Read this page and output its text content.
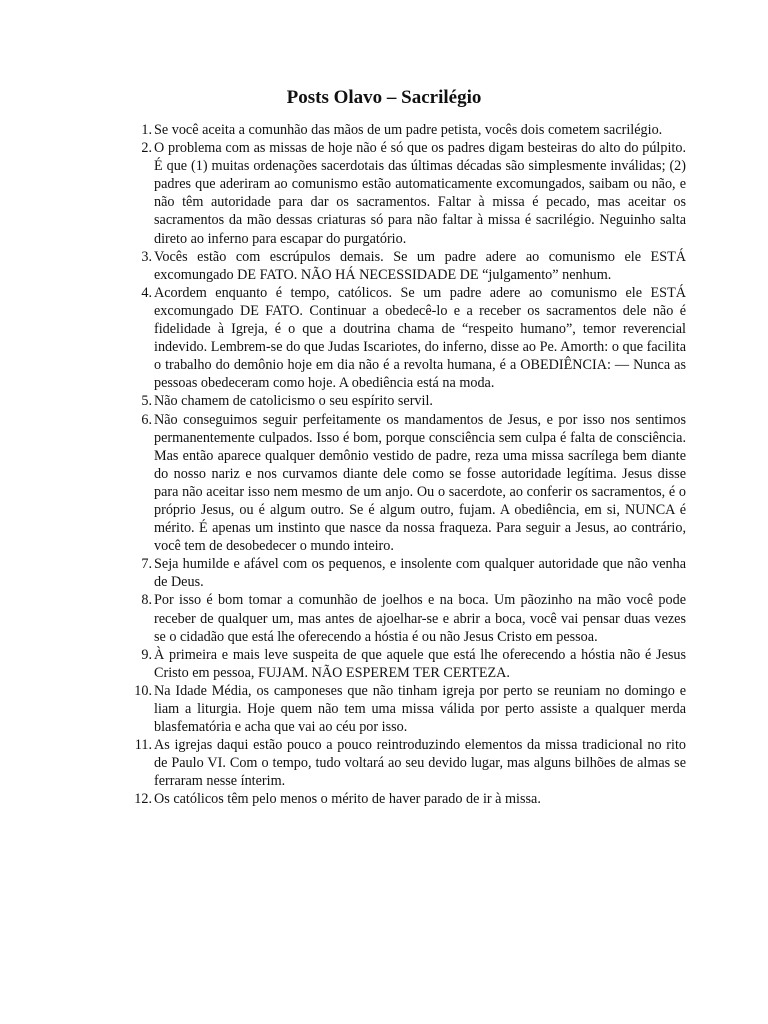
Posts Olavo – Sacrilégio
1. Se você aceita a comunhão das mãos de um padre petista, vocês dois cometem sacrilégio.
2. O problema com as missas de hoje não é só que os padres digam besteiras do alto do púlpito. É que (1) muitas ordenações sacerdotais das últimas décadas são simplesmente inválidas; (2) padres que aderiram ao comunismo estão automaticamente excomungados, saibam ou não, e não têm autoridade para dar os sacramentos. Faltar à missa é pecado, mas aceitar os sacramentos da mão dessas criaturas só para não faltar à missa é sacrilégio. Neguinho salta direto ao inferno para escapar do purgatório.
3. Vocês estão com escrúpulos demais. Se um padre adere ao comunismo ele ESTÁ excomungado DE FATO. NÃO HÁ NECESSIDADE DE “julgamento” nenhum.
4. Acordem enquanto é tempo, católicos. Se um padre adere ao comunismo ele ESTÁ excomungado DE FATO. Continuar a obedecê-lo e a receber os sacramentos dele não é fidelidade à Igreja, é o que a doutrina chama de “respeito humano”, temor reverencial indevido. Lembrem-se do que Judas Iscariotes, do inferno, disse ao Pe. Amorth: o que facilita o trabalho do demônio hoje em dia não é a revolta humana, é a OBEDIÊNCIA: — Nunca as pessoas obedeceram como hoje. A obediência está na moda.
5. Não chamem de catolicismo o seu espírito servil.
6. Não conseguimos seguir perfeitamente os mandamentos de Jesus, e por isso nos sentimos permanentemente culpados. Isso é bom, porque consciência sem culpa é falta de consciência. Mas então aparece qualquer demônio vestido de padre, reza uma missa sacrílega bem diante do nosso nariz e nos curvamos diante dele como se fosse autoridade legítima. Jesus disse para não aceitar isso nem mesmo de um anjo. Ou o sacerdote, ao conferir os sacramentos, é o próprio Jesus, ou é algum outro. Se é algum outro, fujam. A obediência, em si, NUNCA é mérito. É apenas um instinto que nasce da nossa fraqueza. Para seguir a Jesus, ao contrário, você tem de desobedecer o mundo inteiro.
7. Seja humilde e afável com os pequenos, e insolente com qualquer autoridade que não venha de Deus.
8. Por isso é bom tomar a comunhão de joelhos e na boca. Um pãozinho na mão você pode receber de qualquer um, mas antes de ajoelhar-se e abrir a boca, você vai pensar duas vezes se o cidadão que está lhe oferecendo a hóstia é ou não Jesus Cristo em pessoa.
9. À primeira e mais leve suspeita de que aquele que está lhe oferecendo a hóstia não é Jesus Cristo em pessoa, FUJAM. NÃO ESPEREM TER CERTEZA.
10. Na Idade Média, os camponeses que não tinham igreja por perto se reuniam no domingo e liam a liturgia. Hoje quem não tem uma missa válida por perto assiste a qualquer merda blasfematória e acha que vai ao céu por isso.
11. As igrejas daqui estão pouco a pouco reintroduzindo elementos da missa tradicional no rito de Paulo VI. Com o tempo, tudo voltará ao seu devido lugar, mas alguns bilhões de almas se ferraram nesse ínterim.
12. Os católicos têm pelo menos o mérito de haver parado de ir à missa.
